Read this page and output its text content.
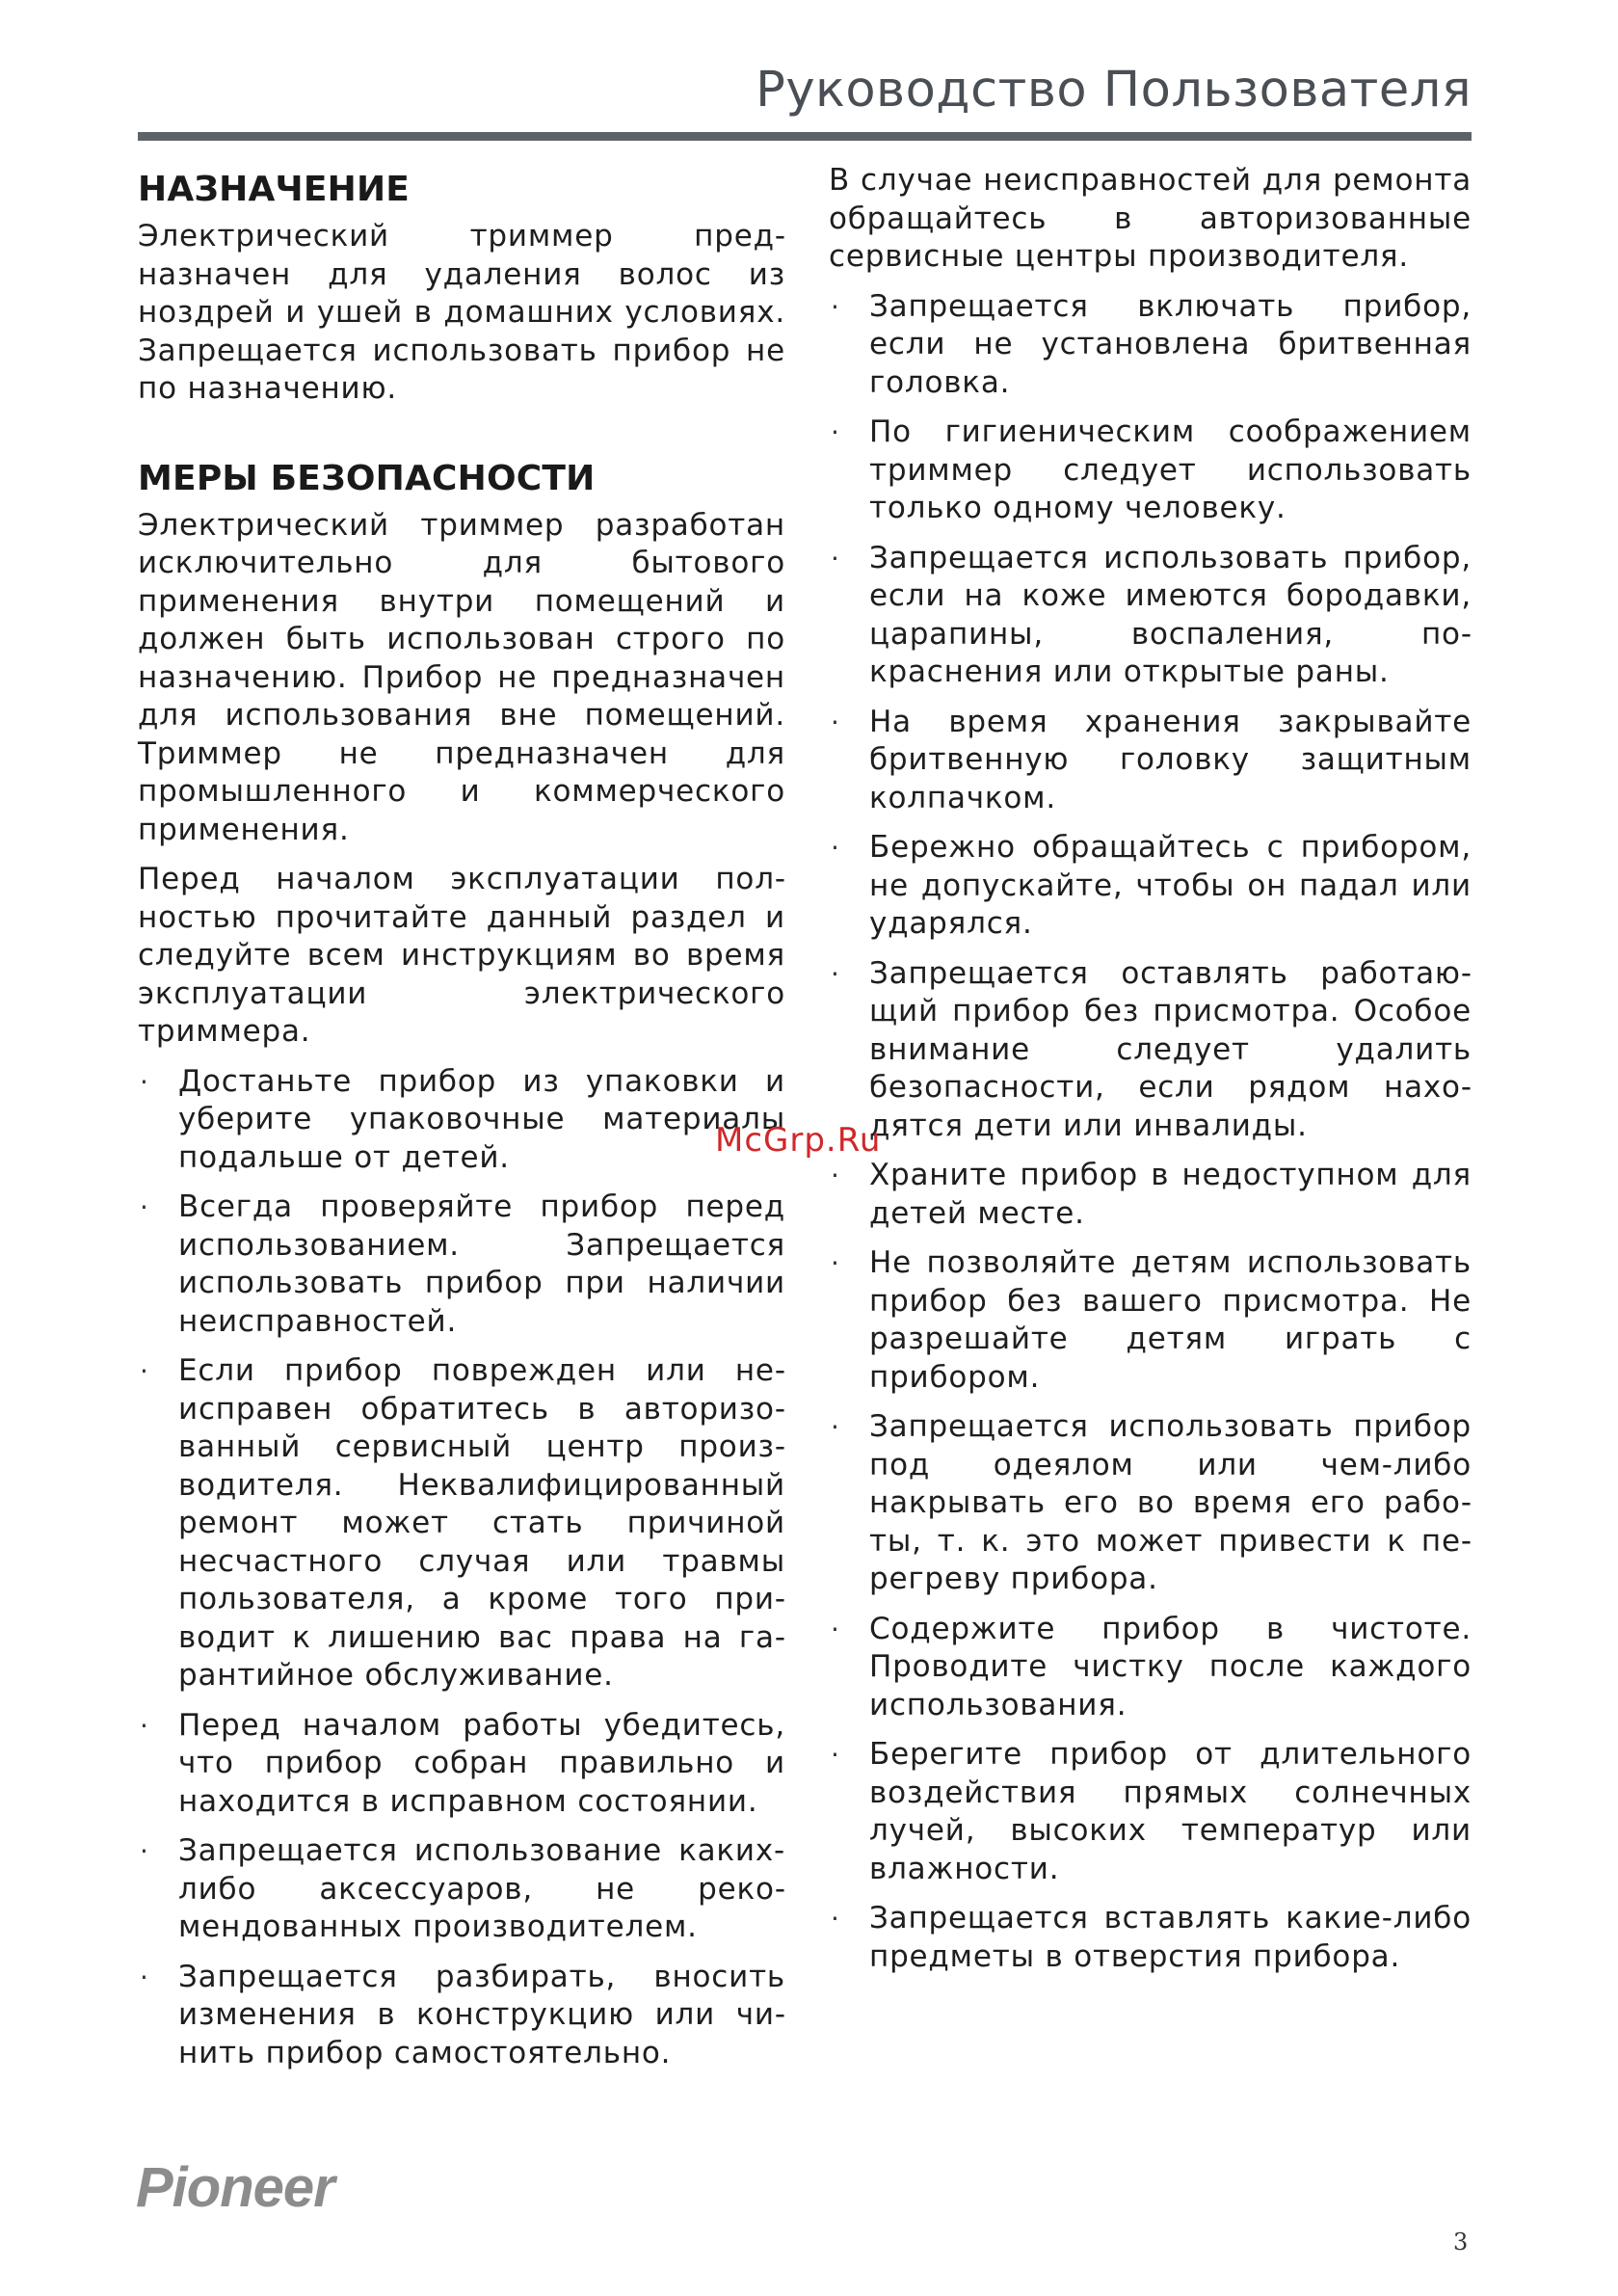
Руководство Пользователя
НАЗНАЧЕНИЕ

Электрический триммер предназначен для удаления волос из ноздрей и ушей в домашних условиях. Запрещается использовать прибор не по назначению.

МЕРЫ БЕЗОПАСНОСТИ

Электрический триммер разработан исключительно для бытового применения внутри помещений и должен быть использован строго по назначению. Прибор не предназначен для использования вне помещений. Триммер не предназначен для промышленного и коммерческого применения.

Перед началом эксплуатации полностью прочитайте данный раздел и следуйте всем инструкциям во время эксплуатации электрического триммера.

· Достаньте прибор из упаковки и уберите упаковочные материалы подальше от детей.
· Всегда проверяйте прибор перед использованием. Запрещается использовать прибор при наличии неисправностей.
· Если прибор поврежден или неисправен обратитесь в авторизованный сервисный центр производителя. Неквалифицированный ремонт может стать причиной несчастного случая или травмы пользователя, а кроме того приводит к лишению вас права на гарантийное обслуживание.
· Перед началом работы убедитесь, что прибор собран правильно и находится в исправном состоянии.
· Запрещается использование каких-либо аксессуаров, не рекомендованных производителем.
· Запрещается разбирать, вносить изменения в конструкцию или чинить прибор самостоятельно.

В случае неисправностей для ремонта обращайтесь в авторизованные сервисные центры производителя.

· Запрещается включать прибор, если не установлена бритвенная головка.
· По гигиеническим соображением триммер следует использовать только одному человеку.
· Запрещается использовать прибор, если на коже имеются бородавки, царапины, воспаления, покраснения или открытые раны.
· На время хранения закрывайте бритвенную головку защитным колпачком.
· Бережно обращайтесь с прибором, не допускайте, чтобы он падал или ударялся.
· Запрещается оставлять работающий прибор без присмотра. Особое внимание следует удалить безопасности, если рядом находятся дети или инвалиды.
· Храните прибор в недоступном для детей месте.
· Не позволяйте детям использовать прибор без вашего присмотра. Не разрешайте детям играть с прибором.
· Запрещается использовать прибор под одеялом или чем-либо накрывать его во время его работы, т. к. это может привести к перегреву прибора.
· Содержите прибор в чистоте. Проводите чистку после каждого использования.
· Берегите прибор от длительного воздействия прямых солнечных лучей, высоких температур или влажности.
· Запрещается вставлять какие-либо предметы в отверстия прибора.
McGrp.Ru
Pioneer
3
